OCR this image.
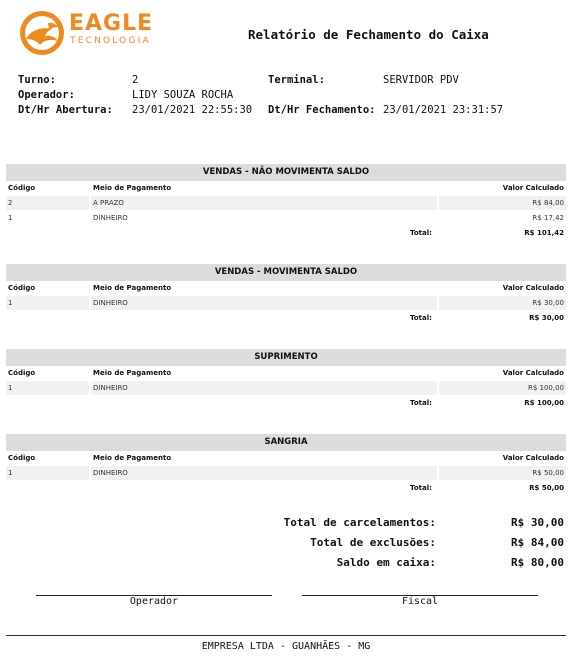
EAGLE
TECNOLOGIA	Relatório de Fechamento do Caixa
Turno:	2
Operador:	LIDY SOUZA ROCHA
Dt/Hr Abertura: 23/01/2021 22:55:30
Terminal:	SERVIDOR PDV
Dt/Hr Fechamento: 23/01/2021 23:31:57
VENDAS - NÃO MOVIMENTA SALDO
Código	Meio de Pagamento	Valor Calculado
2	A PRAZO	R$ 84,00
1	DINHEIRO	R$ 17,42
Total:	R$ 101,42
VENDAS - MOVIMENTA SALDO
Código	Meio de Pagamento	Valor Calculado
1	DINHEIRO	R$ 30,00
Total:	R$ 30,00
SUPRIMENTO
Código	Meio de Pagamento	Valor Calculado
1	DINHEIRO	R$ 100,00
Total:	R$ 100,00
SANGRIA
Código	Meio de Pagamento	Valor Calculado
1	DINHEIRO	R$ 50,00
Total:	R$ 50,00
Total de carcelamentos:	R$ 30,00
Total de exclusões:	R$ 84,00
Saldo em caixa:	R$ 80,00
Operador	Fiscal
EMPRESA LTDA - GUANHÃES - MG
